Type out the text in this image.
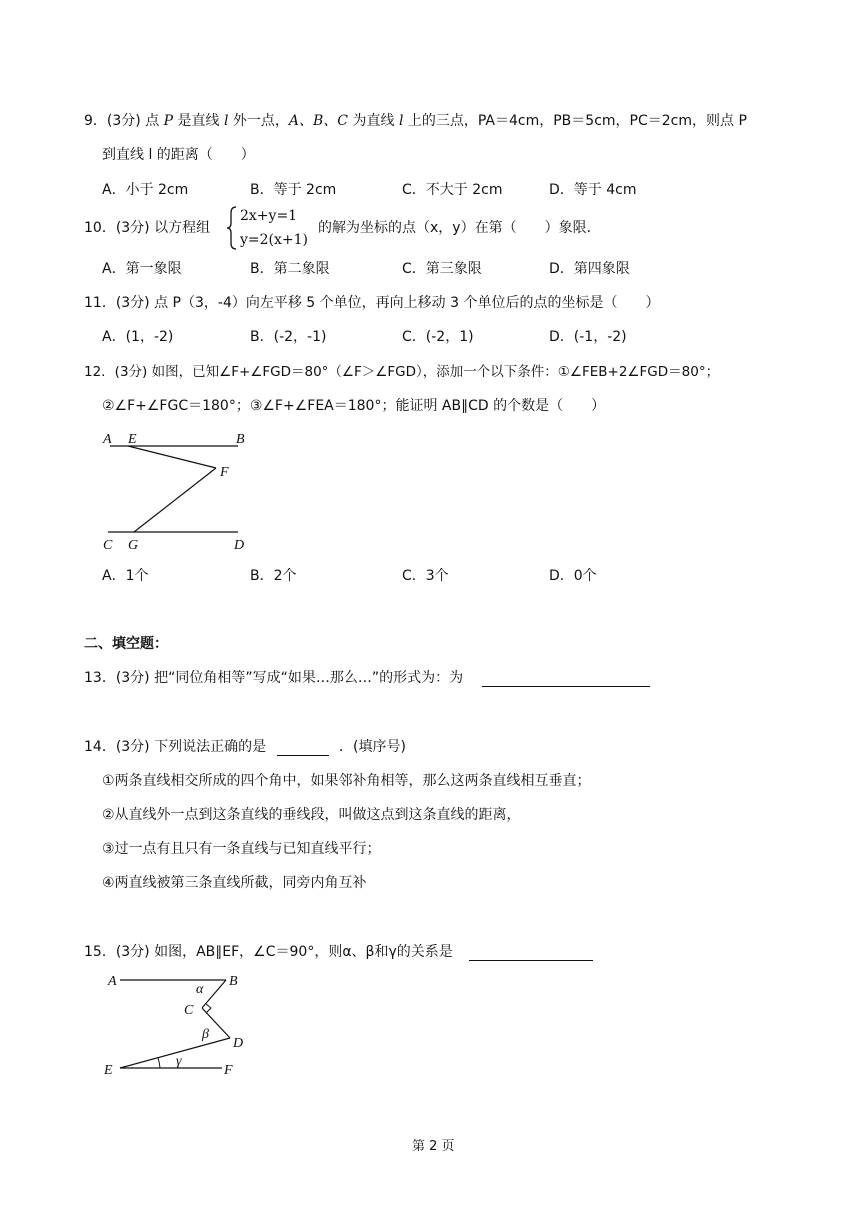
9．(3分) 点 P 是直线 l 外一点，A、B、C 为直线 l 上的三点，PA＝4cm，PB＝5cm，PC＝2cm，则点 P
到直线 l 的距离（　　）
A．小于 2cm	B．等于 2cm	C．不大于 2cm	D．等于 4cm
10．(3分) 以方程组
2x+y=1
y=2(x+1)
的解为坐标的点（x，y）在第（　　）象限．
A．第一象限	B．第二象限	C．第三象限	D．第四象限
11．(3分) 点 P（3，-4）向左平移 5 个单位，再向上移动 3 个单位后的点的坐标是（　　）
A．(1，-2)	B．(-2，-1)	C．(-2，1)	D．(-1，-2)
12．(3分) 如图，已知∠F+∠FGD＝80°（∠F＞∠FGD），添加一个以下条件：①∠FEB+2∠FGD＝80°；
②∠F+∠FGC＝180°；③∠F+∠FEA＝180°；能证明 AB∥CD 的个数是（　　）
A E	B
F
C G	D
A．1个	B．2个	C．3个	D．0个
二、填空题：
13．(3分) 把“同位角相等”写成“如果…那么…”的形式为：为
14．(3分) 下列说法正确的是	．(填序号)
①两条直线相交所成的四个角中，如果邻补角相等，那么这两条直线相互垂直；
②从直线外一点到这条直线的垂线段，叫做这点到这条直线的距离，
③过一点有且只有一条直线与已知直线平行；
④两直线被第三条直线所截，同旁内角互补
15．(3分) 如图，AB∥EF，∠C＝90°，则α、β和γ的关系是
A	B
C
D
E	F
α
β
γ
第 2 页
